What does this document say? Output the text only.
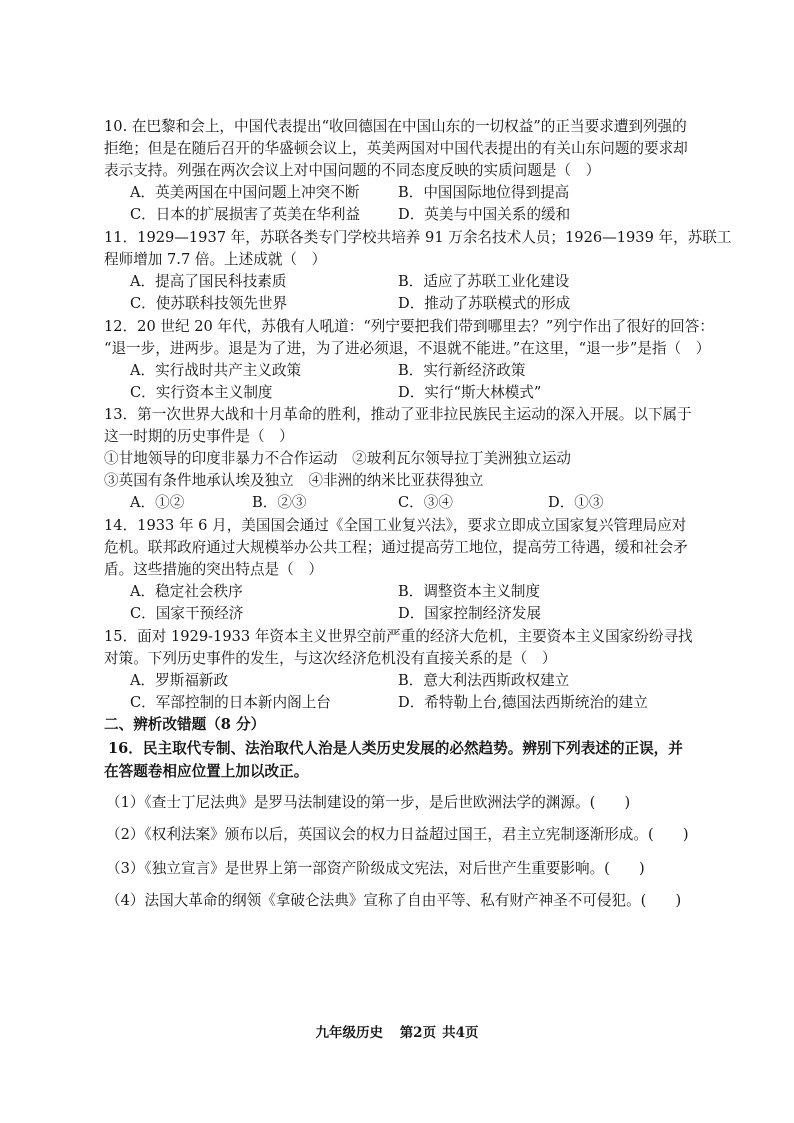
10. 在巴黎和会上，中国代表提出“收回德国在中国山东的一切权益”的正当要求遭到列强的
拒绝；但是在随后召开的华盛顿会议上，英美两国对中国代表提出的有关山东问题的要求却
表示支持。列强在两次会议上对中国问题的不同态度反映的实质问题是（　）
A．英美两国在中国问题上冲突不断	B．中国国际地位得到提高
C．日本的扩展损害了英美在华利益	D．英美与中国关系的缓和
11．1929—1937 年，苏联各类专门学校共培养 91 万余名技术人员；1926—1939 年，苏联工
程师增加 7.7 倍。上述成就（　）
A．提高了国民科技素质	B．适应了苏联工业化建设
C．使苏联科技领先世界	D．推动了苏联模式的形成
12．20 世纪 20 年代，苏俄有人吼道：“列宁要把我们带到哪里去？”列宁作出了很好的回答：
“退一步，进两步。退是为了进，为了进必须退，不退就不能进。”在这里，“退一步”是指（　）
A．实行战时共产主义政策	B．实行新经济政策
C．实行资本主义制度	D．实行“斯大林模式”
13．第一次世界大战和十月革命的胜利，推动了亚非拉民族民主运动的深入开展。以下属于
这一时期的历史事件是（　）
①甘地领导的印度非暴力不合作运动　②玻利瓦尔领导拉丁美洲独立运动
③英国有条件地承认埃及独立　④非洲的纳米比亚获得独立
A．①②	B．②③	C．③④	D．①③
14．1933 年 6 月，美国国会通过《全国工业复兴法》，要求立即成立国家复兴管理局应对
危机。联邦政府通过大规模举办公共工程；通过提高劳工地位，提高劳工待遇，缓和社会矛
盾。这些措施的突出特点是（　）
A．稳定社会秩序	B．调整资本主义制度
C．国家干预经济	D．国家控制经济发展
15．面对 1929-1933 年资本主义世界空前严重的经济大危机，主要资本主义国家纷纷寻找
对策。下列历史事件的发生，与这次经济危机没有直接关系的是（　）
A．罗斯福新政	B．意大利法西斯政权建立
C．军部控制的日本新内阁上台	D．希特勒上台,德国法西斯统治的建立
二、辨析改错题（8 分）
16．民主取代专制、法治取代人治是人类历史发展的必然趋势。辨别下列表述的正误，并
在答题卷相应位置上加以改正。
（1）《查士丁尼法典》是罗马法制建设的第一步，是后世欧洲法学的渊源。(　　)
（2）《权利法案》颁布以后，英国议会的权力日益超过国王，君主立宪制逐渐形成。(　　)
（3）《独立宣言》是世界上第一部资产阶级成文宪法，对后世产生重要影响。(　　)
（4）法国大革命的纲领《拿破仑法典》宣称了自由平等、私有财产神圣不可侵犯。(　　)
九年级历史 第2页 共4页
